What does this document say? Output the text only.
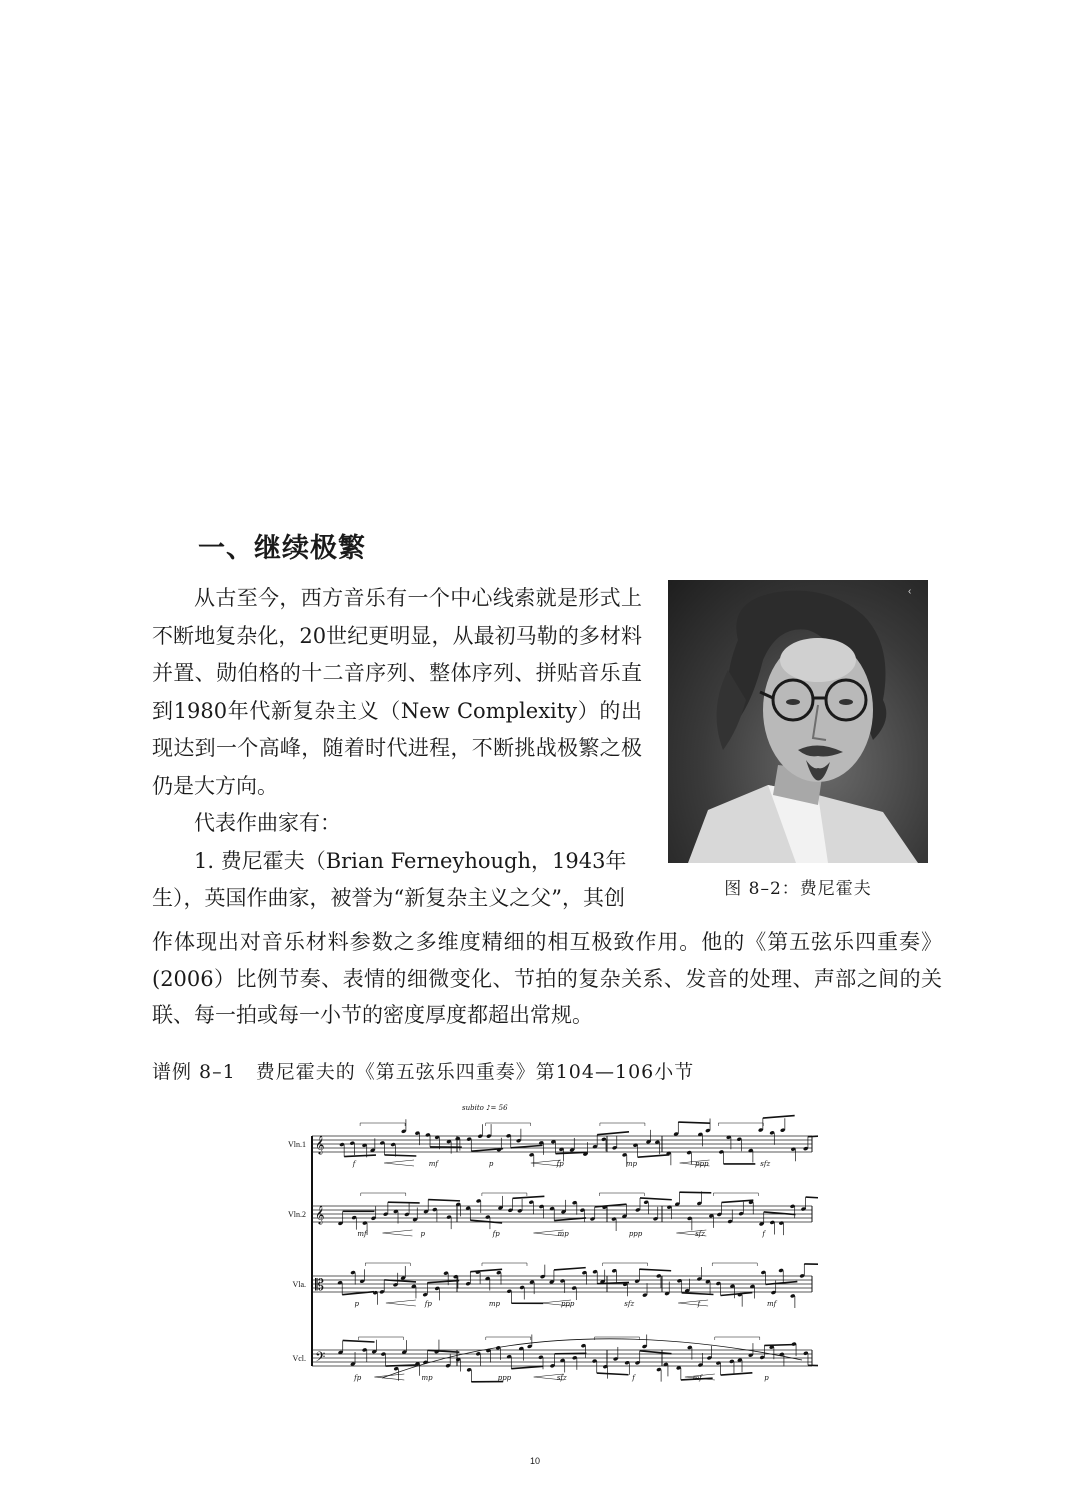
一、继续极繁

从古至今，西方音乐有一个中心线索就是形式上不断地复杂化，20世纪更明显，从最初马勒的多材料并置、勋伯格的十二音序列、整体序列、拼贴音乐直到1980年代新复杂主义（New Complexity）的出现达到一个高峰，随着时代进程，不断挑战极繁之极仍是大方向。

代表作曲家有：

1. 费尼霍夫（Brian Ferneyhough，1943年生），英国作曲家，被誉为“新复杂主义之父”，其创

‹
图 8–2：费尼霍夫

作体现出对音乐材料参数之多维度精细的相互极致作用。他的《第五弦乐四重奏》(2006）比例节奏、表情的细微变化、节拍的复杂关系、发音的处理、声部之间的关联、每一拍或每一小节的密度厚度都超出常规。

谱例 8–1　费尼霍夫的《第五弦乐四重奏》第104—106小节
Vln.1 𝄞
f	mf	p	fp	mp	ppp	sfz
Vln.2 𝄞
mf	p	fp	mp	ppp	sfz	f
Vla. 𝄡
p	fp	mp	ppp	sfz	f	mf
Vcl. 𝄢
fp	mp	ppp	sfz	f	mf	p
subito ♪= 56
10
